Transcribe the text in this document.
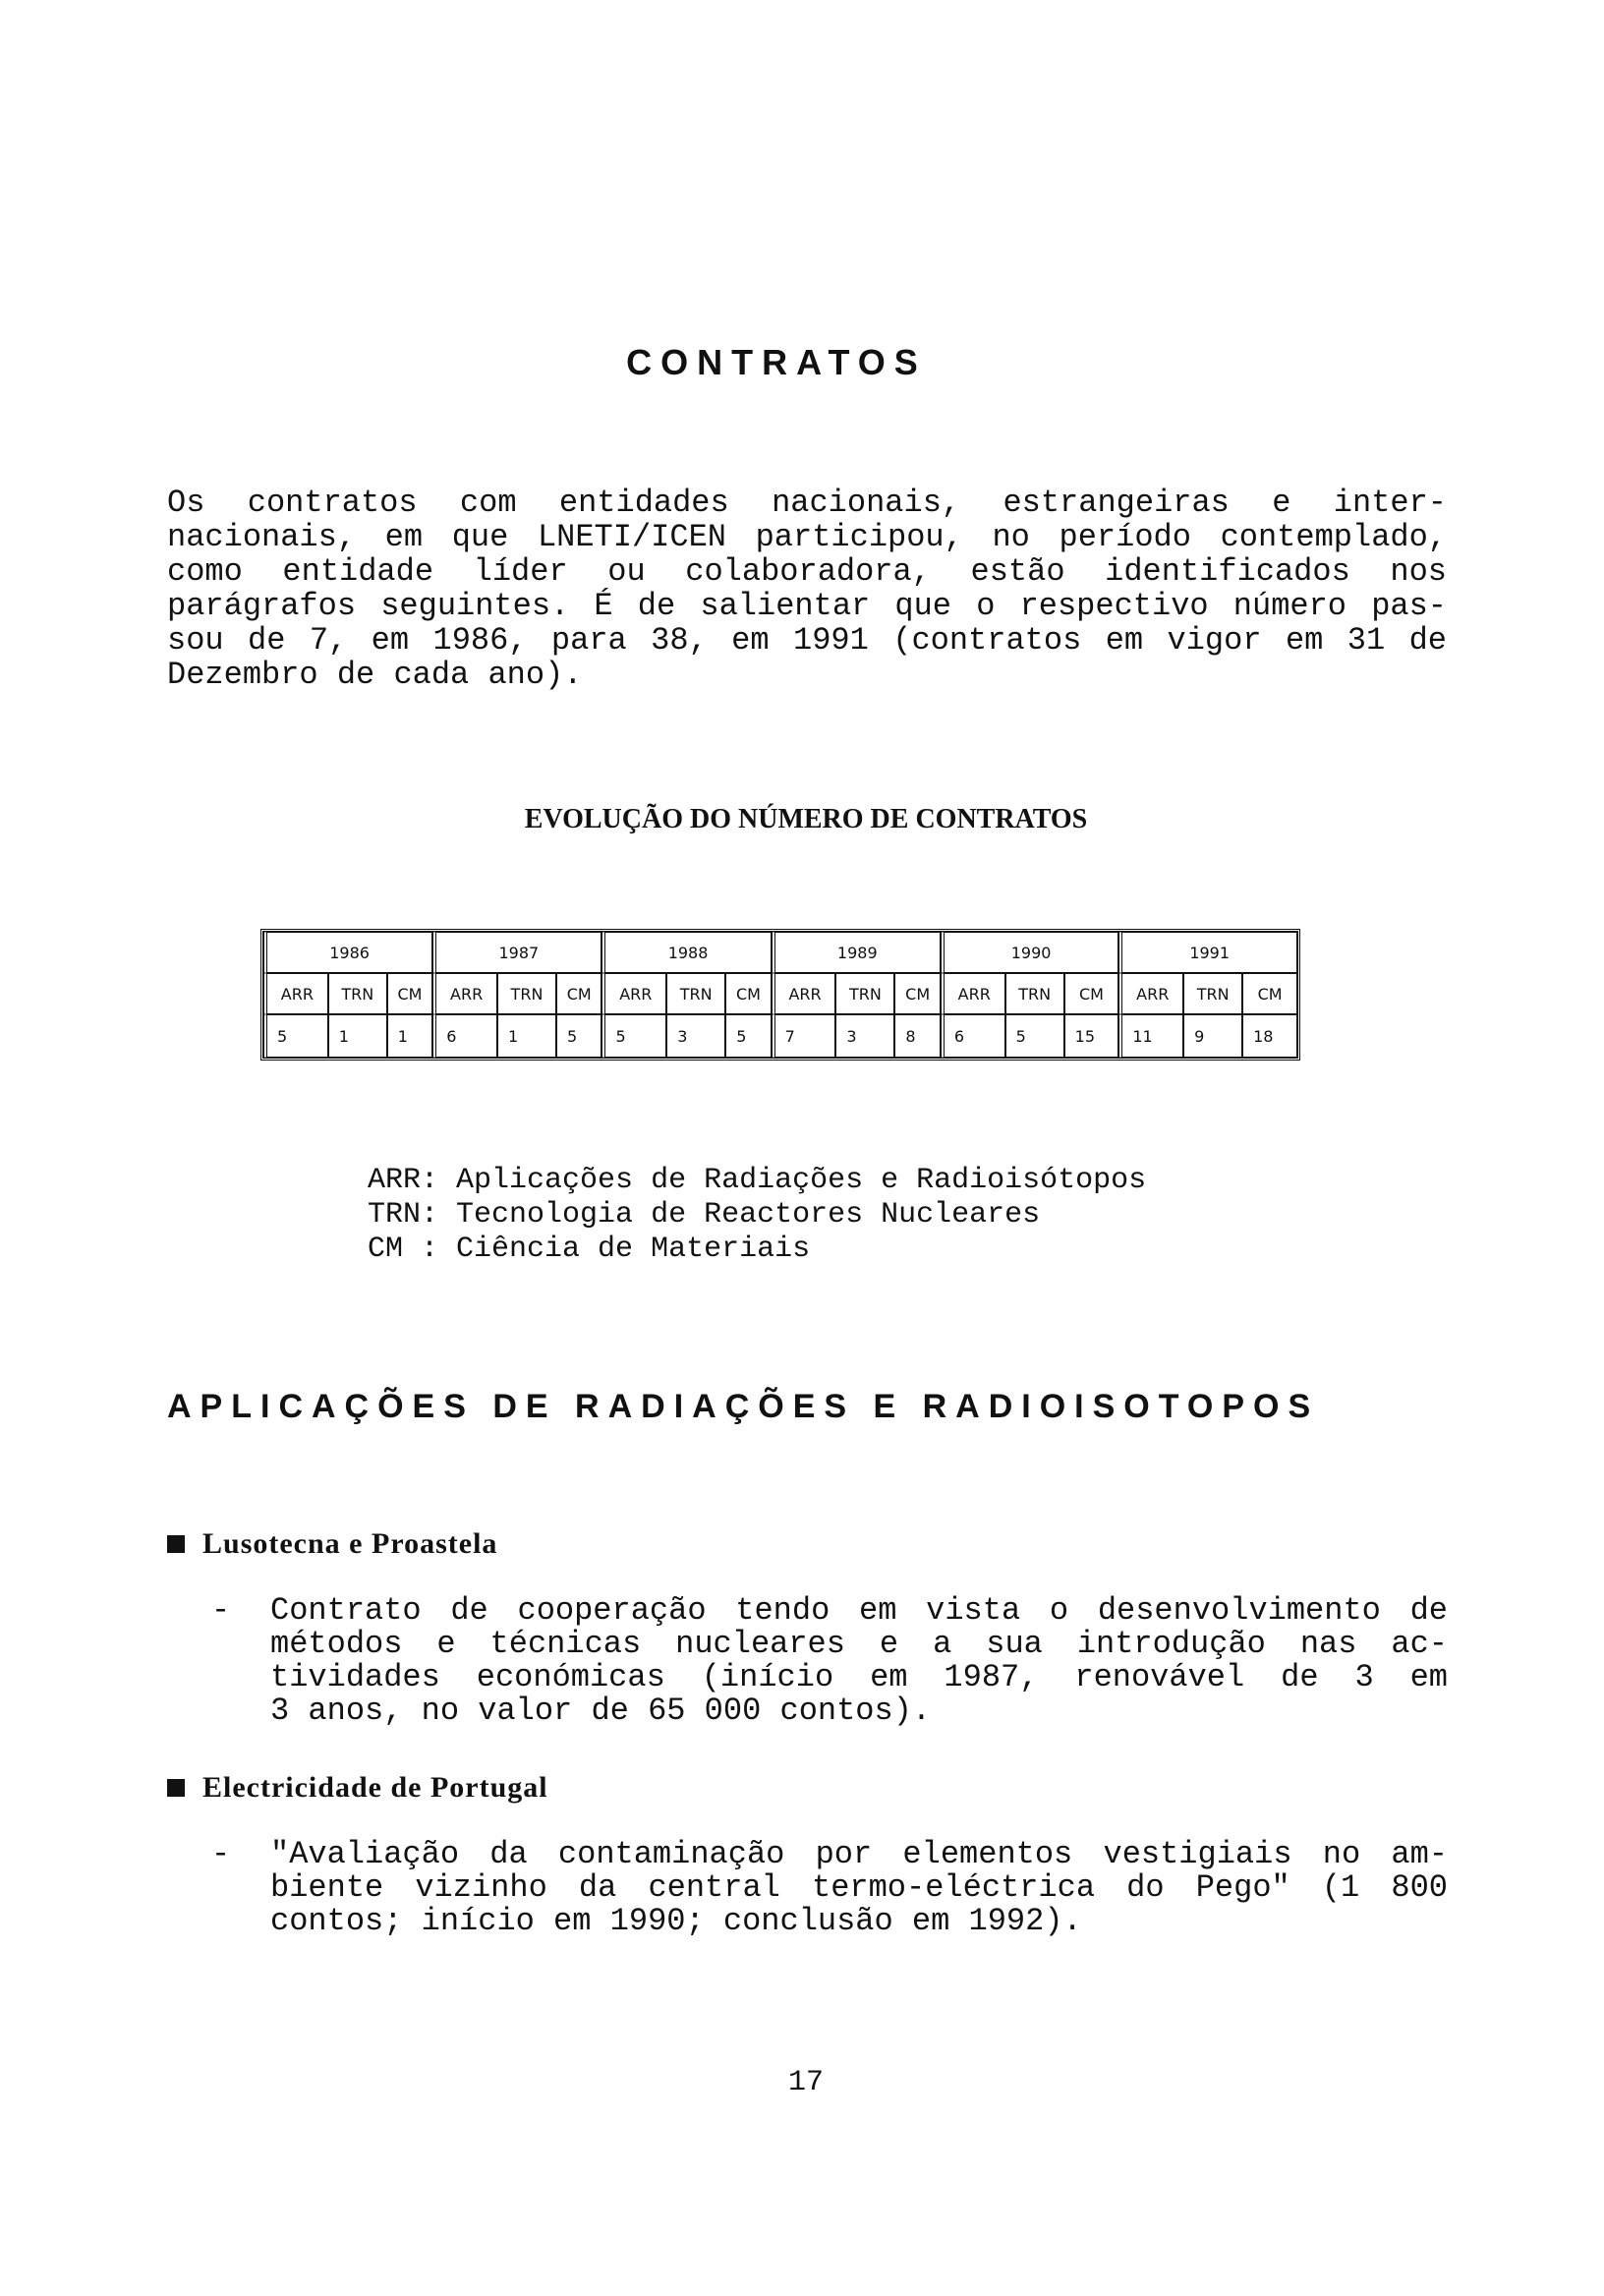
CONTRATOS
Os contratos com entidades nacionais, estrangeiras e inter-
nacionais, em que LNETI/ICEN participou, no período contemplado,
como entidade líder ou colaboradora, estão identificados nos
parágrafos seguintes. É de salientar que o respectivo número pas-
sou de 7, em 1986, para 38, em 1991 (contratos em vigor em 31 de
Dezembro de cada ano).
EVOLUÇÃO DO NÚMERO DE CONTRATOS
1986			1987			1988			1989			1990			1991		
ARR	TRN	CM	ARR	TRN	CM	ARR	TRN	CM	ARR	TRN	CM	ARR	TRN	CM	ARR	TRN	CM
5	1	1	6	1	5	5	3	5	7	3	8	6	5	15	11	9	18
ARR: Aplicações de Radiações e Radioisótopos
TRN: Tecnologia de Reactores Nucleares
CM : Ciência de Materiais
APLICAÇÕES DE RADIAÇÕES E RADIOISOTOPOS
Lusotecna e Proastela
- Contrato de cooperação tendo em vista o desenvolvimento de
métodos e técnicas nucleares e a sua introdução nas ac-
tividades económicas (início em 1987, renovável de 3 em
3 anos, no valor de 65 000 contos).
Electricidade de Portugal
- "Avaliação da contaminação por elementos vestigiais no am-
biente vizinho da central termo-eléctrica do Pego" (1 800
contos; início em 1990; conclusão em 1992).
17
